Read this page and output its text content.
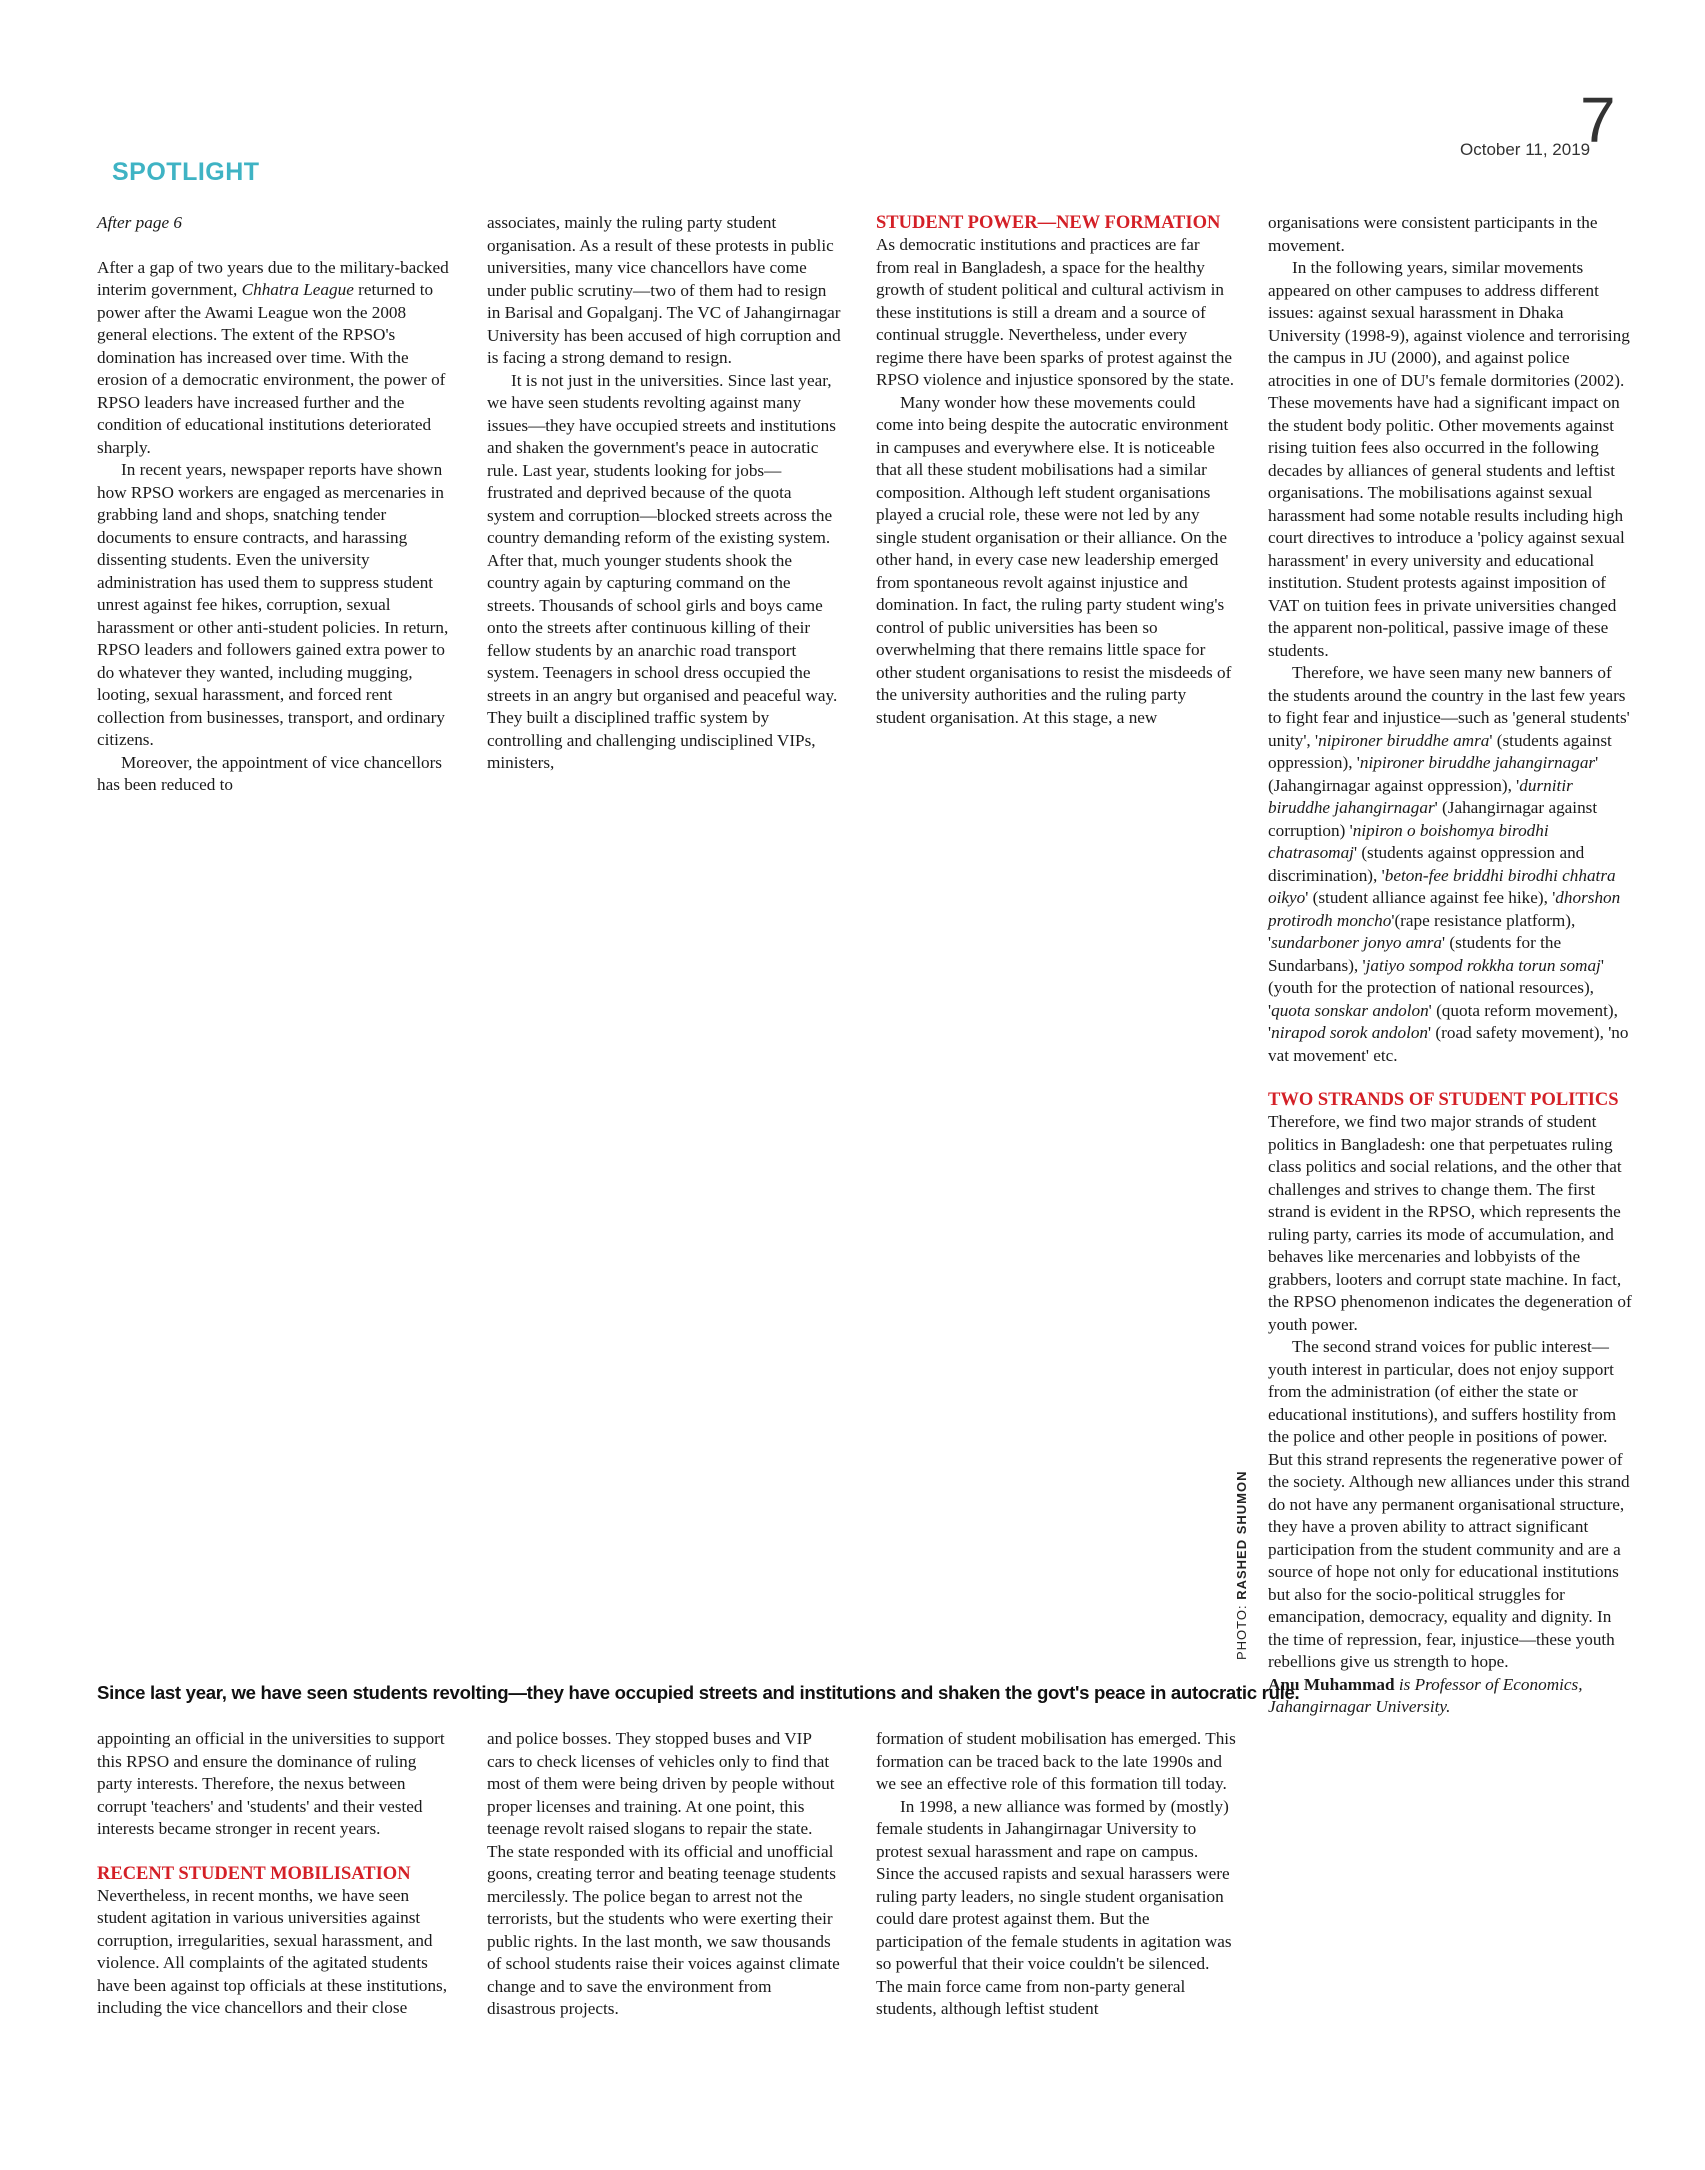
SPOTLIGHT
October 11, 2019
7

After page 6

After a gap of two years due to the military-backed interim government, Chhatra League returned to power after the Awami League won the 2008 general elections. The extent of the RPSO's domination has increased over time. With the erosion of a democratic environment, the power of RPSO leaders have increased further and the condition of educational institutions deteriorated sharply.

In recent years, newspaper reports have shown how RPSO workers are engaged as mercenaries in grabbing land and shops, snatching tender documents to ensure contracts, and harassing dissenting students. Even the university administration has used them to suppress student unrest against fee hikes, corruption, sexual harassment or other anti-student policies. In return, RPSO leaders and followers gained extra power to do whatever they wanted, including mugging, looting, sexual harassment, and forced rent collection from businesses, transport, and ordinary citizens.

Moreover, the appointment of vice chancellors has been reduced to

associates, mainly the ruling party student organisation. As a result of these protests in public universities, many vice chancellors have come under public scrutiny—two of them had to resign in Barisal and Gopalganj. The VC of Jahangirnagar University has been accused of high corruption and is facing a strong demand to resign.

It is not just in the universities. Since last year, we have seen students revolting against many issues—they have occupied streets and institutions and shaken the government's peace in autocratic rule. Last year, students looking for jobs—frustrated and deprived because of the quota system and corruption—blocked streets across the country demanding reform of the existing system. After that, much younger students shook the country again by capturing command on the streets. Thousands of school girls and boys came onto the streets after continuous killing of their fellow students by an anarchic road transport system. Teenagers in school dress occupied the streets in an angry but organised and peaceful way. They built a disciplined traffic system by controlling and challenging undisciplined VIPs, ministers,

STUDENT POWER—NEW FORMATION

As democratic institutions and practices are far from real in Bangladesh, a space for the healthy growth of student political and cultural activism in these institutions is still a dream and a source of continual struggle. Nevertheless, under every regime there have been sparks of protest against the RPSO violence and injustice sponsored by the state.

Many wonder how these movements could come into being despite the autocratic environment in campuses and everywhere else. It is noticeable that all these student mobilisations had a similar composition. Although left student organisations played a crucial role, these were not led by any single student organisation or their alliance. On the other hand, in every case new leadership emerged from spontaneous revolt against injustice and domination. In fact, the ruling party student wing's control of public universities has been so overwhelming that there remains little space for other student organisations to resist the misdeeds of the university authorities and the ruling party student organisation. At this stage, a new

organisations were consistent participants in the movement.

In the following years, similar movements appeared on other campuses to address different issues: against sexual harassment in Dhaka University (1998-9), against violence and terrorising the campus in JU (2000), and against police atrocities in one of DU's female dormitories (2002). These movements have had a significant impact on the student body politic. Other movements against rising tuition fees also occurred in the following decades by alliances of general students and leftist organisations. The mobilisations against sexual harassment had some notable results including high court directives to introduce a 'policy against sexual harassment' in every university and educational institution. Student protests against imposition of VAT on tuition fees in private universities changed the apparent non-political, passive image of these students.

Therefore, we have seen many new banners of the students around the country in the last few years to fight fear and injustice—such as 'general students' unity', 'nipironer biruddhe amra' (students against oppression), 'nipironer biruddhe jahangirnagar' (Jahangirnagar against oppression), 'durnitir biruddhe jahangirnagar' (Jahangirnagar against corruption) 'nipiron o boishomya birodhi chatrasomaj' (students against oppression and discrimination), 'beton-fee briddhi birodhi chhatra oikyo' (student alliance against fee hike), 'dhorshon protirodh moncho'(rape resistance platform), 'sundarboner jonyo amra' (students for the Sundarbans), 'jatiyo sompod rokkha torun somaj' (youth for the protection of national resources), 'quota sonskar andolon' (quota reform movement), 'nirapod sorok andolon' (road safety movement), 'no vat movement' etc.

TWO STRANDS OF STUDENT POLITICS

Therefore, we find two major strands of student politics in Bangladesh: one that perpetuates ruling class politics and social relations, and the other that challenges and strives to change them. The first strand is evident in the RPSO, which represents the ruling party, carries its mode of accumulation, and behaves like mercenaries and lobbyists of the grabbers, looters and corrupt state machine. In fact, the RPSO phenomenon indicates the degeneration of youth power.

The second strand voices for public interest—youth interest in particular, does not enjoy support from the administration (of either the state or educational institutions), and suffers hostility from the police and other people in positions of power. But this strand represents the regenerative power of the society. Although new alliances under this strand do not have any permanent organisational structure, they have a proven ability to attract significant participation from the student community and are a source of hope not only for educational institutions but also for the socio-political struggles for emancipation, democracy, equality and dignity. In the time of repression, fear, injustice—these youth rebellions give us strength to hope.

Anu Muhammad is Professor of Economics, Jahangirnagar University.

PHOTO: RASHED SHUMON
Since last year, we have seen students revolting—they have occupied streets and institutions and shaken the govt's peace in autocratic rule.

appointing an official in the universities to support this RPSO and ensure the dominance of ruling party interests. Therefore, the nexus between corrupt 'teachers' and 'students' and their vested interests became stronger in recent years.

RECENT STUDENT MOBILISATION

Nevertheless, in recent months, we have seen student agitation in various universities against corruption, irregularities, sexual harassment, and violence. All complaints of the agitated students have been against top officials at these institutions, including the vice chancellors and their close

and police bosses. They stopped buses and VIP cars to check licenses of vehicles only to find that most of them were being driven by people without proper licenses and training. At one point, this teenage revolt raised slogans to repair the state. The state responded with its official and unofficial goons, creating terror and beating teenage students mercilessly. The police began to arrest not the terrorists, but the students who were exerting their public rights. In the last month, we saw thousands of school students raise their voices against climate change and to save the environment from disastrous projects.

formation of student mobilisation has emerged. This formation can be traced back to the late 1990s and we see an effective role of this formation till today.

In 1998, a new alliance was formed by (mostly) female students in Jahangirnagar University to protest sexual harassment and rape on campus. Since the accused rapists and sexual harassers were ruling party leaders, no single student organisation could dare protest against them. But the participation of the female students in agitation was so powerful that their voice couldn't be silenced. The main force came from non-party general students, although leftist student
